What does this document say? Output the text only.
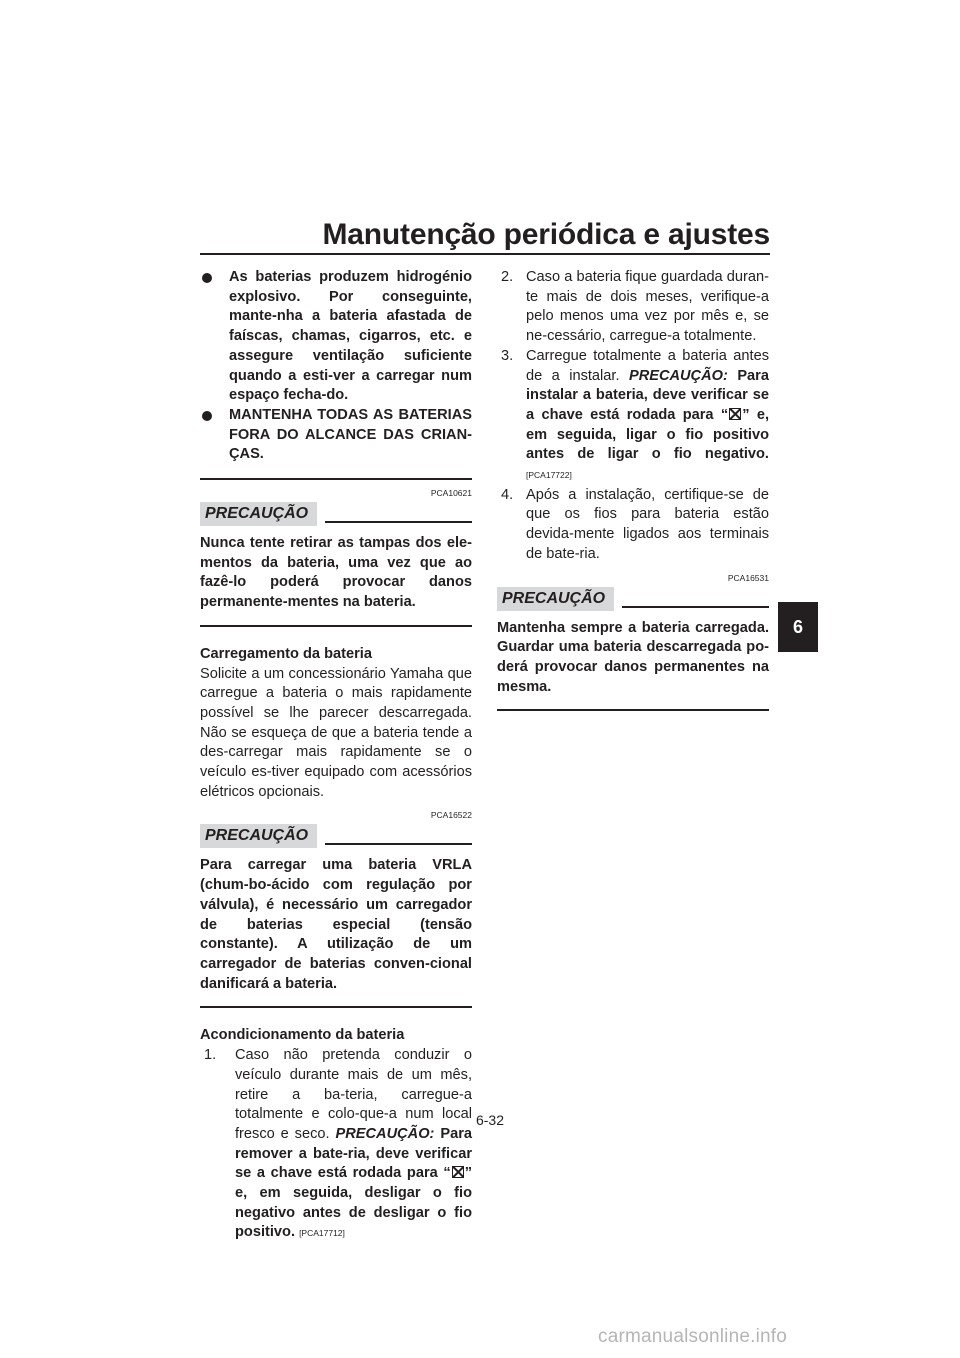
Manutenção periódica e ajustes
As baterias produzem hidrogénio explosivo. Por conseguinte, mante-nha a bateria afastada de faíscas, chamas, cigarros, etc. e assegure ventilação suficiente quando a esti-ver a carregar num espaço fecha-do.
MANTENHA TODAS AS BATERIAS FORA DO ALCANCE DAS CRIAN-ÇAS.
PCA10621
PRECAUÇÃO
Nunca tente retirar as tampas dos ele-mentos da bateria, uma vez que ao fazê-lo poderá provocar danos permanente-mentes na bateria.
Carregamento da bateria

Solicite a um concessionário Yamaha que carregue a bateria o mais rapidamente possível se lhe parecer descarregada. Não se esqueça de que a bateria tende a des-carregar mais rapidamente se o veículo es-tiver equipado com acessórios elétricos opcionais.

PCA16522
PRECAUÇÃO
Para carregar uma bateria VRLA (chum-bo-ácido com regulação por válvula), é necessário um carregador de baterias especial (tensão constante). A utilização de um carregador de baterias conven-cional danificará a bateria.
Acondicionamento da bateria
1. Caso não pretenda conduzir o veículo durante mais de um mês, retire a ba-teria, carregue-a totalmente e colo-que-a num local fresco e seco. PRECAUÇÃO: Para remover a bate-ria, deve verificar se a chave está rodada para “ ” e, em seguida, desligar o fio negativo antes de desligar o fio positivo. [PCA17712]
2. Caso a bateria fique guardada duran-te mais de dois meses, verifique-a pelo menos uma vez por mês e, se ne-cessário, carregue-a totalmente.
3. Carregue totalmente a bateria antes de a instalar. PRECAUÇÃO: Para instalar a bateria, deve verificar se a chave está rodada para “ ” e, em seguida, ligar o fio positivo antes de ligar o fio negativo. [PCA17722]
4. Após a instalação, certifique-se de que os fios para bateria estão devida-mente ligados aos terminais de bate-ria.
PCA16531
PRECAUÇÃO
Mantenha sempre a bateria carregada. Guardar uma bateria descarregada po-derá provocar danos permanentes na mesma.
6
6-32
carmanualsonline.info
